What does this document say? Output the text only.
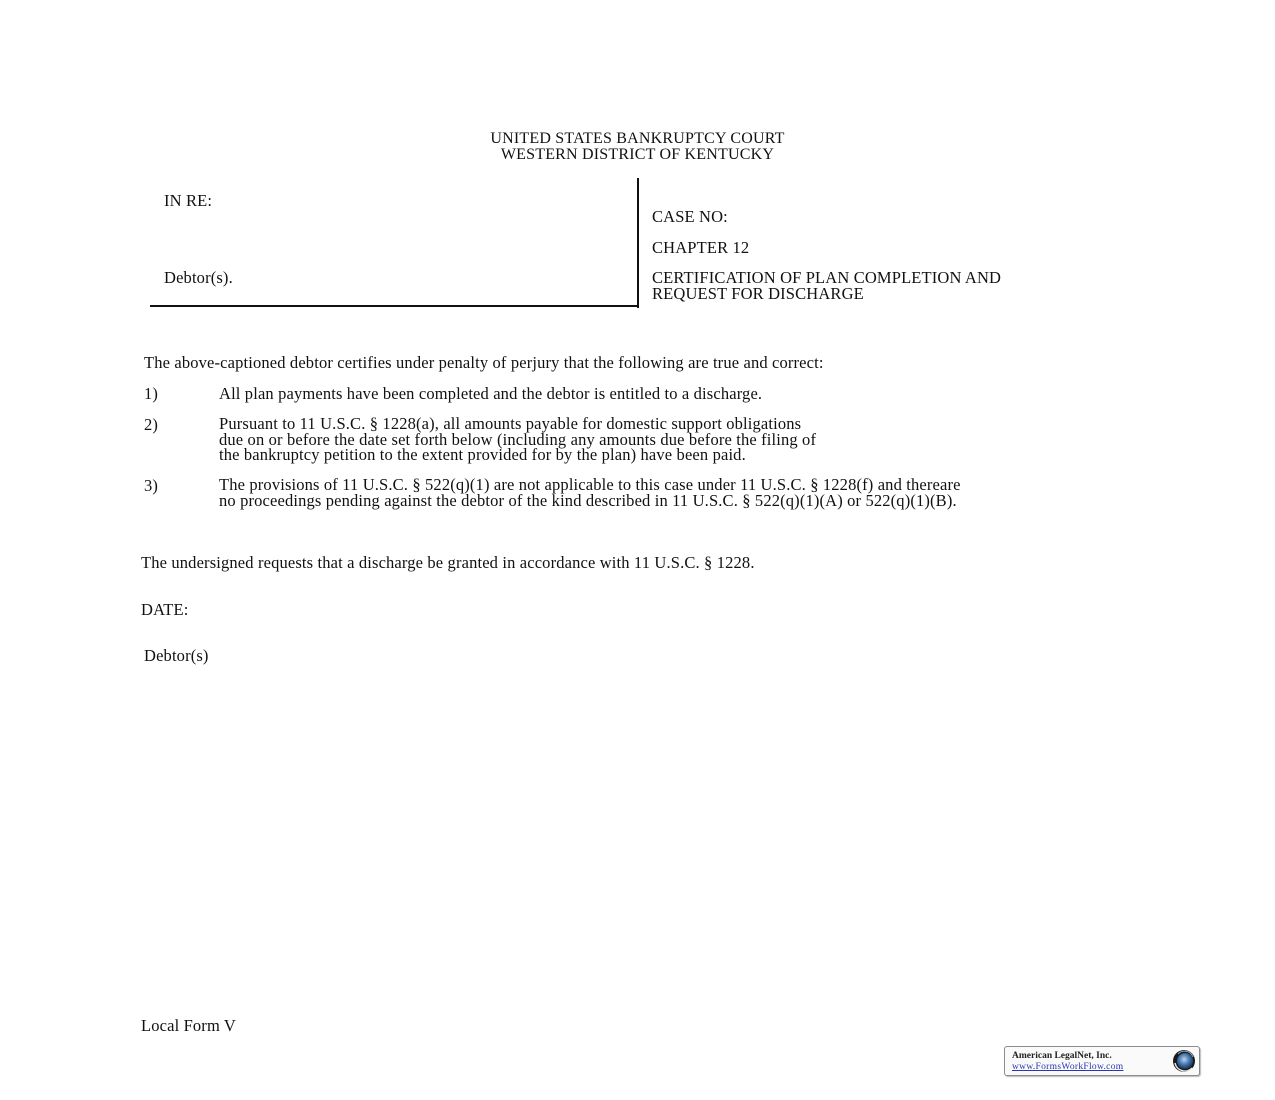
UNITED STATES BANKRUPTCY COURT
WESTERN DISTRICT OF KENTUCKY
IN RE:
Debtor(s).
CASE NO:
CHAPTER 12
CERTIFICATION OF PLAN COMPLETION AND
REQUEST FOR DISCHARGE
The above-captioned debtor certifies under penalty of perjury that the following are true and correct:
1)	All plan payments have been completed and the debtor is entitled to a discharge.
2)	Pursuant to 11 U.S.C. § 1228(a), all amounts payable for domestic support obligations
due on or before the date set forth below (including any amounts due before the filing of
the bankruptcy petition to the extent provided for by the plan) have been paid.
3)	The provisions of 11 U.S.C. § 522(q)(1) are not applicable to this case under 11 U.S.C. § 1228(f) and thereare
no proceedings pending against the debtor of the kind described in 11 U.S.C. § 522(q)(1)(A) or 522(q)(1)(B).
The undersigned requests that a discharge be granted in accordance with 11 U.S.C. § 1228.
DATE:
Debtor(s)
Local Form V
American LegalNet, Inc.
www.FormsWorkFlow.com
